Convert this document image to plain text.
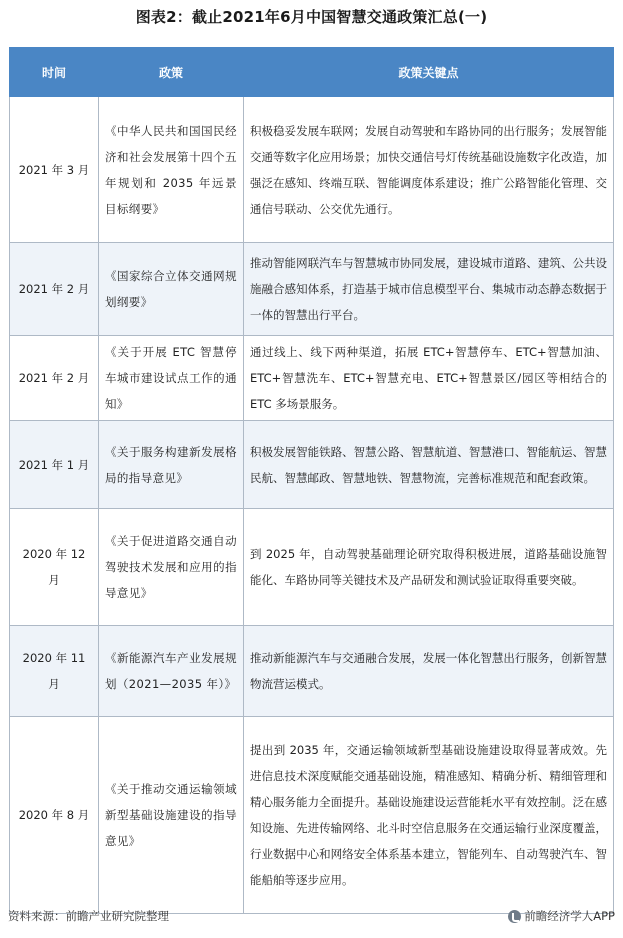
图表2：截止2021年6月中国智慧交通政策汇总(一)
时间	政策	政策关键点
2021 年 3 月	《中华人民共和国国民经济和社会发展第十四个五年规划和 2035 年远景目标纲要》	积极稳妥发展车联网；发展自动驾驶和车路协同的出行服务；发展智能交通等数字化应用场景；加快交通信号灯传统基础设施数字化改造，加强泛在感知、终端互联、智能调度体系建设；推广公路智能化管理、交通信号联动、公交优先通行。
2021 年 2 月	《国家综合立体交通网规划纲要》	推动智能网联汽车与智慧城市协同发展，建设城市道路、建筑、公共设施融合感知体系，打造基于城市信息模型平台、集城市动态静态数据于一体的智慧出行平台。
2021 年 2 月	《关于开展 ETC 智慧停车城市建设试点工作的通知》	通过线上、线下两种渠道，拓展 ETC+智慧停车、ETC+智慧加油、ETC+智慧洗车、ETC+智慧充电、ETC+智慧景区/园区等相结合的 ETC 多场景服务。
2021 年 1 月	《关于服务构建新发展格局的指导意见》	积极发展智能铁路、智慧公路、智慧航道、智慧港口、智能航运、智慧民航、智慧邮政、智慧地铁、智慧物流，完善标准规范和配套政策。
2020 年 12 月	《关于促进道路交通自动驾驶技术发展和应用的指导意见》	到 2025 年，自动驾驶基础理论研究取得积极进展，道路基础设施智能化、车路协同等关键技术及产品研发和测试验证取得重要突破。
2020 年 11 月	《新能源汽车产业发展规划（2021—2035 年）》	推动新能源汽车与交通融合发展，发展一体化智慧出行服务，创新智慧物流营运模式。
2020 年 8 月	《关于推动交通运输领域新型基础设施建设的指导意见》	提出到 2035 年，交通运输领域新型基础设施建设取得显著成效。先进信息技术深度赋能交通基础设施，精准感知、精确分析、精细管理和精心服务能力全面提升。基础设施建设运营能耗水平有效控制。泛在感知设施、先进传输网络、北斗时空信息服务在交通运输行业深度覆盖，行业数据中心和网络安全体系基本建立，智能列车、自动驾驶汽车、智能船舶等逐步应用。
资料来源：前瞻产业研究院整理	前瞻经济学人APP
